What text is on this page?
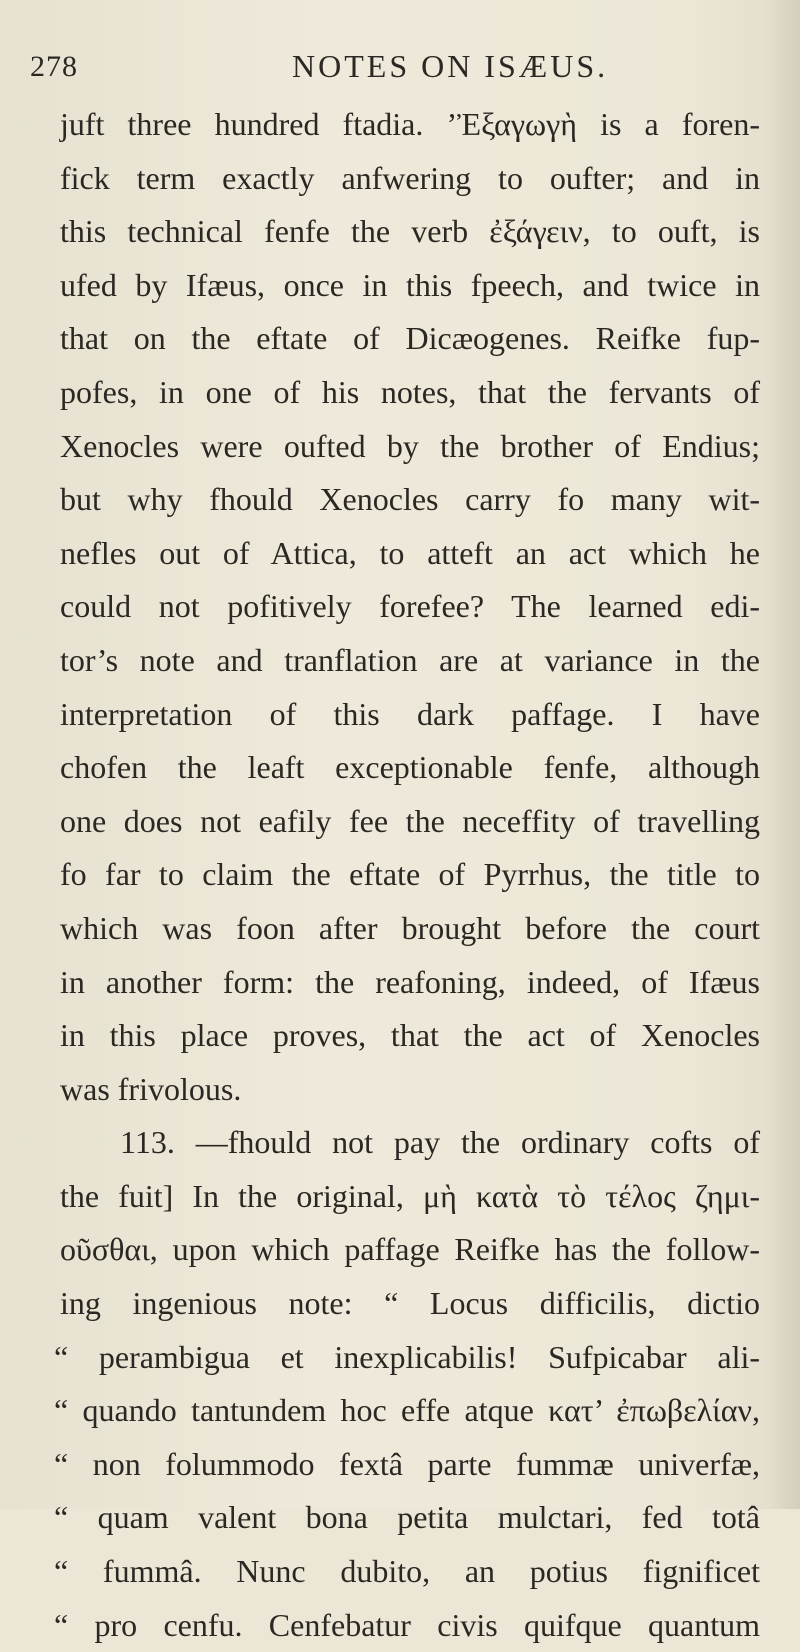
278	NOTES ON ISÆUS.
juft three hundred ftadia. ’Ἐξαγωγὴ is a foren-
fick term exactly anfwering to oufter; and in
this technical fenfe the verb ἐξάγειν, to ouft, is
ufed by Ifæus, once in this fpeech, and twice in
that on the eftate of Dicæogenes. Reifke fup-
pofes, in one of his notes, that the fervants of
Xenocles were oufted by the brother of Endius;
but why fhould Xenocles carry fo many wit-
nefles out of Attica, to atteft an act which he
could not pofitively forefee? The learned edi-
tor’s note and tranflation are at variance in the
interpretation of this dark paffage. I have
chofen the leaft exceptionable fenfe, although
one does not eafily fee the neceffity of travelling
fo far to claim the eftate of Pyrrhus, the title to
which was foon after brought before the court
in another form: the reafoning, indeed, of Ifæus
in this place proves, that the act of Xenocles
was frivolous.
113. —fhould not pay the ordinary cofts of
the fuit] In the original, μὴ κατὰ τὸ τέλος ζημι-
οῦσθαι, upon which paffage Reifke has the follow-
ing ingenious note: “ Locus difficilis, dictio
“ perambigua et inexplicabilis! Sufpicabar ali-
“ quando tantundem hoc effe atque κατ’ ἐπωβελίαν,
“ non folummodo fextâ parte fummæ univerfæ,
“ quam valent bona petita mulctari, fed totâ
“ fummâ. Nunc dubito, an potius fignificet
“ pro cenfu. Cenfebatur civis quifque quantum
